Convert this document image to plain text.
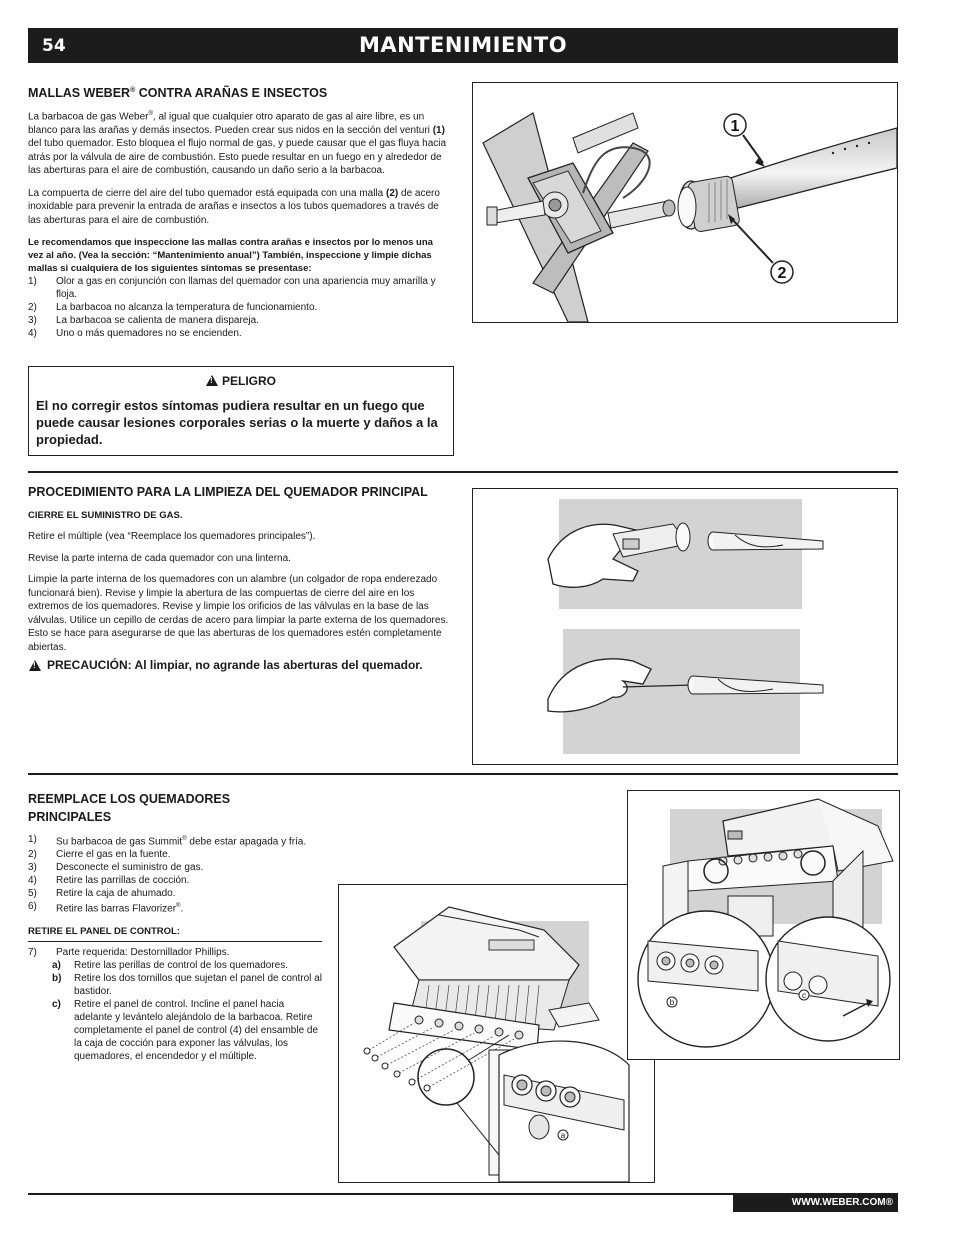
54	MANTENIMIENTO
MALLAS WEBER® CONTRA ARAÑAS E INSECTOS

La barbacoa de gas Weber®, al igual que cualquier otro aparato de gas al aire libre, es un blanco para las arañas y demás insectos. Pueden crear sus nidos en la sección del venturi (1) del tubo quemador. Esto bloquea el flujo normal de gas, y puede causar que el gas fluya hacia atrás por la válvula de aire de combustión. Esto puede resultar en un fuego en y alrededor de las aberturas para el aire de combustión, causando un daño serio a la barbacoa.

La compuerta de cierre del aire del tubo quemador está equipada con una malla (2) de acero inoxidable para prevenir la entrada de arañas e insectos a los tubos quemadores a través de las aberturas para el aire de combustión.

Le recomendamos que inspeccione las mallas contra arañas e insectos por lo menos una vez al año. (Vea la sección: “Mantenimiento anual”) También, inspeccione y limpie dichas mallas si cualquiera de los siguientes síntomas se presentase:

1) Olor a gas en conjunción con llamas del quemador con una apariencia muy amarilla y floja.
2) La barbacoa no alcanza la temperatura de funcionamiento.
3) La barbacoa se calienta de manera dispareja.
4) Uno o más quemadores no se encienden.
!PELIGRO
El no corregir estos síntomas pudiera resultar en un fuego que puede causar lesiones corporales serias o la muerte y daños a la propiedad.
1
2
PROCEDIMIENTO PARA LA LIMPIEZA DEL QUEMADOR PRINCIPAL

CIERRE EL SUMINISTRO DE GAS.

Retire el múltiple (vea “Reemplace los quemadores principales”).

Revise la parte interna de cada quemador con una linterna.

Limpie la parte interna de los quemadores con un alambre (un colgador de ropa enderezado funcionará bien). Revise y limpie la abertura de las compuertas de cierre del aire en los extremos de los quemadores. Revise y limpie los orificios de las válvulas en la base de las válvulas. Utilice un cepillo de cerdas de acero para limpiar la parte externa de los quemadores. Esto se hace para asegurarse de que las aberturas de los quemadores estén completamente abiertas.

!
PRECAUCIÓN: Al limpiar, no agrande las aberturas del quemador.
..
..
REEMPLACE LOS QUEMADORES PRINCIPALES
1) Su barbacoa de gas Summit® debe estar apagada y fría.
2) Cierre el gas en la fuente.
3) Desconecte el suministro de gas.
4) Retire las parrillas de cocción.
5) Retire la caja de ahumado.
6) Retire las barras Flavorizer®.

RETIRE EL PANEL DE CONTROL:

7) Parte requerida: Destornillador Phillips.
a) Retire las perillas de control de los quemadores.
b) Retire los dos tornillos que sujetan el panel de control al bastidor.
c) Retire el panel de control. Incline el panel hacia adelante y levántelo alejándolo de la barbacoa. Retire completamente el panel de control (4) del ensamble de la caja de cocción para exponer las válvulas, los quemadores, el encendedor y el múltiple.
a
b
c
WWW.WEBER.COM®
